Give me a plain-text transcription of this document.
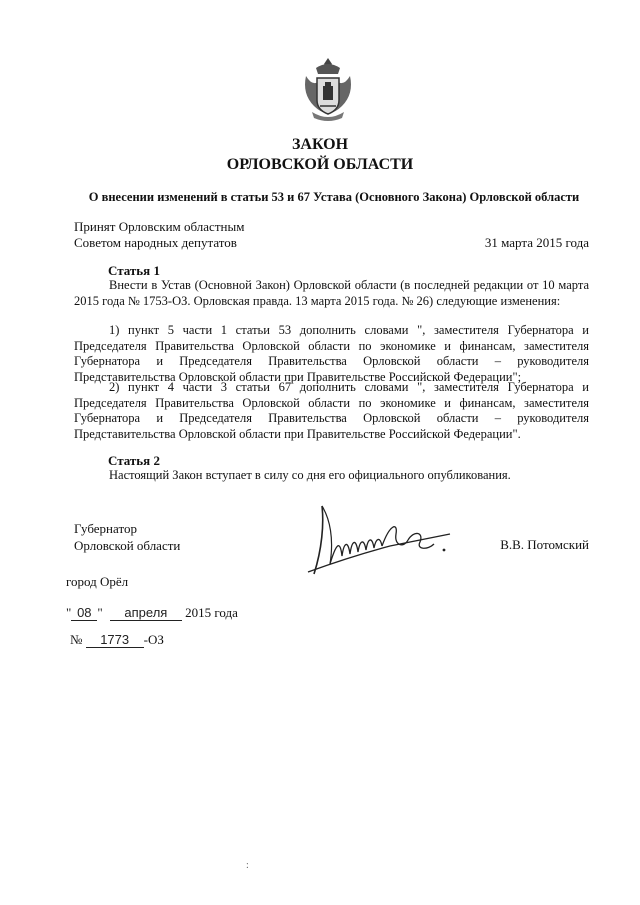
ЗАКОН
ОРЛОВСКОЙ ОБЛАСТИ
О внесении изменений в статьи 53 и 67 Устава (Основного Закона) Орловской области
Принят Орловским областным
Советом народных депутатов	31 марта 2015 года
Статья 1
Внести в Устав (Основной Закон) Орловской области (в последней редакции от 10 марта 2015 года № 1753-ОЗ. Орловская правда. 13 марта 2015 года. № 26) следующие изменения:
1) пункт 5 части 1 статьи 53 дополнить словами ", заместителя Губернатора и Председателя Правительства Орловской области по экономике и финансам, заместителя Губернатора и Председателя Правительства Орловской области – руководителя Представительства Орловской области при Правительстве Российской Федерации";
2) пункт 4 части 3 статьи 67 дополнить словами ", заместителя Губернатора и Председателя Правительства Орловской области по экономике и финансам, заместителя Губернатора и Председателя Правительства Орловской области – руководителя Представительства Орловской области при Правительстве Российской Федерации".
Статья 2
Настоящий Закон вступает в силу со дня его официального опубликования.
Губернатор
Орловской области	В.В. Потомский
город Орёл
" 08 " апреля 2015 года
№ 1773 -ОЗ
:
